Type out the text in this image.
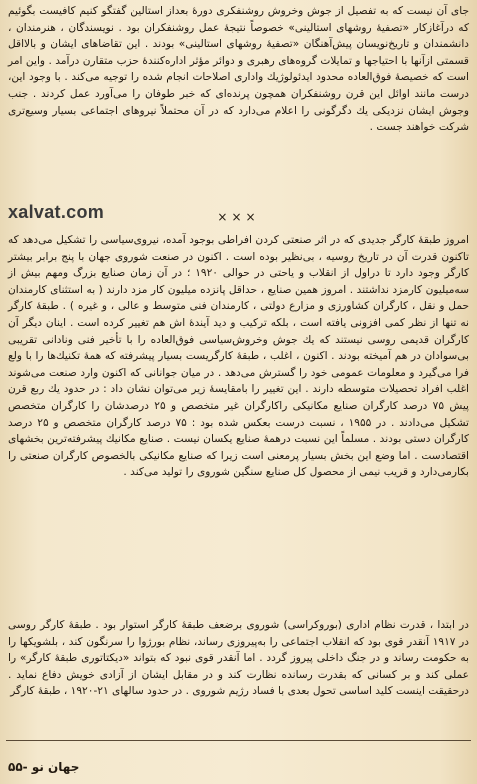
جای آن نیست که به تفصیل از جوش وخروش روشنفکری دورهٔ بعداز استالین گفتگو کنیم کافیست بگوئیم که درآغازکار «تصفیهٔ روشهای استالینی» خصوصاً نتیجهٔ عمل روشنفکران بود . نویسندگان ، هنرمندان ، دانشمندان و تاریخ‌نویسان پیش‌آهنگان «تصفیهٔ روشهای استالینی» بودند . این تقاضاهای ایشان و بالااقل قسمتی ازآنها با احتیاجها و تمایلات گروه‌های رهبری و دوائر مؤثر اداره‌کنندهٔ حزب متقارن درآمد . واین امر است که خصیصهٔ فوق‌العاده محدود ایدئولوژیك واداری اصلاحات انجام شده را توجیه می‌کند . با وجود این، درست مانند اوائل این قرن روشنفکران همچون پرنده‌ای که خبر طوفان را می‌آورد عمل کردند . جنب وجوش ایشان نزدیکی یك دگرگونی را اعلام می‌دارد که در آن محتملاً نیروهای اجتماعی بسیار وسیع‌تری شرکت خواهند جست .

xalvat.com	×××

امروز طبقهٔ کارگر جدیدی که در اثر صنعتی کردن افراطی بوجود آمده، نیروی‌سیاسی را تشکیل می‌دهد که تاکنون قدرت آن در تاریخ روسیه ، بی‌نظیر بوده است . اکنون در صنعت شوروی جهان با پنج برابر بیشتر کارگر وجود دارد تا دراول از انقلاب و یاحتی در حوالی ۱۹۲۰ ؛ در آن زمان صنایع بزرگ ومهم بیش از سه‌میلیون کارمزد نداشتند . امروز همین صنایع ، حداقل پانزده میلیون کار مزد دارند ( به استثنای کارمندان حمل و نقل ، کارگران کشاورزی و مزارع دولتی ، کارمندان فنی متوسط و عالی ، و غیره ) . طبقهٔ کارگر نه تنها از نظر کمی افزونی یافته است ، بلکه ترکیب و دید آیندهٔ اش هم تغییر کرده است . اینان دیگر آن کارگران قدیمی روسی نیستند که یك جوش وخروش‌سیاسی فوق‌العاده را با تأخیر فنی ونادانی تقریبی بی‌سوادان در هم آمیخته بودند . اکنون ، اغلب ، طبقهٔ کارگریست بسیار پیشرفته که همهٔ تکنیك‌ها را با ولع فرا می‌گیرد و معلومات عمومی خود را گسترش می‌دهد . در میان جوانانی که اکنون وارد صنعت می‌شوند اغلب افراد تحصیلات متوسطه دارند . این تغییر را بامقایسهٔ زیر می‌توان نشان داد : در حدود یك ربع قرن پیش ۷۵ درصد کارگران صنایع مکانیکی راکارگران غیر متخصص و ۲۵ درصدشان را کارگران متخصص تشکیل می‌دادند . در ۱۹۵۵ ، نسبت درست بعکس شده بود : ۷۵ درصد کارگران متخصص و ۲۵ درصد کارگران دستی بودند . مسلماً این نسبت درهمهٔ صنایع یکسان نیست . صنایع مکانیك پیشرفته‌ترین بخشهای اقتصادست . اما وضع این بخش بسیار پرمعنی است زیرا که صنایع مکانیکی بالخصوص کارگران صنعتی را بکارمی‌دارد و قریب نیمی از محصول کل صنایع سنگین شوروی را تولید می‌کند .

در ابتدا ، قدرت نظام اداری (بوروکراسی) شوروی برضعف طبقهٔ کارگر استوار بود . طبقهٔ کارگر روسی در ۱۹۱۷ آنقدر قوی بود که انقلاب اجتماعی را به‌پیروزی رساند، نظام بورژوا را سرنگون کند ، بلشویکها را به حکومت رساند و در جنگ داخلی پیروز گردد . اما آنقدر قوی نبود که بتواند «دیکتاتوری طبقهٔ کارگر» را عملی کند و بر کسانی که بقدرت رسانده نظارت کند و در مقابل ایشان از آزادی خویش دفاع نماید . درحقیقت اینست کلید اساسی تحول بعدی با فساد رژیم شوروی . در حدود سالهای ۲۱-۱۹۲۰ ، طبقهٔ کارگر

جهان نو -۵۵
